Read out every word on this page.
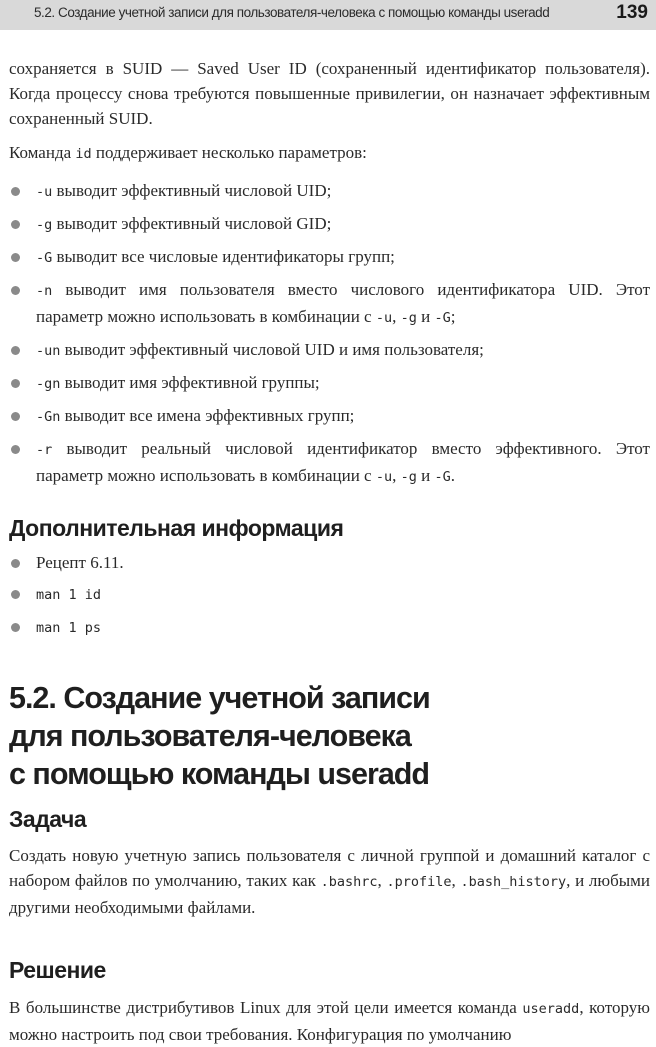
5.2. Создание учетной записи для пользователя-человека с помощью команды useradd	139

сохраняется в SUID — Saved User ID (сохраненный идентификатор пользователя). Когда процессу снова требуются повышенные привилегии, он назначает эффективным сохраненный SUID.

Команда id поддерживает несколько параметров:

-u выводит эффективный числовой UID;
-g выводит эффективный числовой GID;
-G выводит все числовые идентификаторы групп;
-n выводит имя пользователя вместо числового идентификатора UID. Этот параметр можно использовать в комбинации с -u, -g и -G;
-un выводит эффективный числовой UID и имя пользователя;
-gn выводит имя эффективной группы;
-Gn выводит все имена эффективных групп;
-r выводит реальный числовой идентификатор вместо эффективного. Этот параметр можно использовать в комбинации с -u, -g и -G.
Дополнительная информация
Рецепт 6.11.
man 1 id
man 1 ps
5.2. Создание учетной записи
для пользователя-человека
с помощью команды useradd
Задача

Создать новую учетную запись пользователя с личной группой и домашний каталог с набором файлов по умолчанию, таких как .bashrc, .profile, .bash_history, и любыми другими необходимыми файлами.

Решение

В большинстве дистрибутивов Linux для этой цели имеется команда useradd, которую можно настроить под свои требования. Конфигурация по умолчанию
